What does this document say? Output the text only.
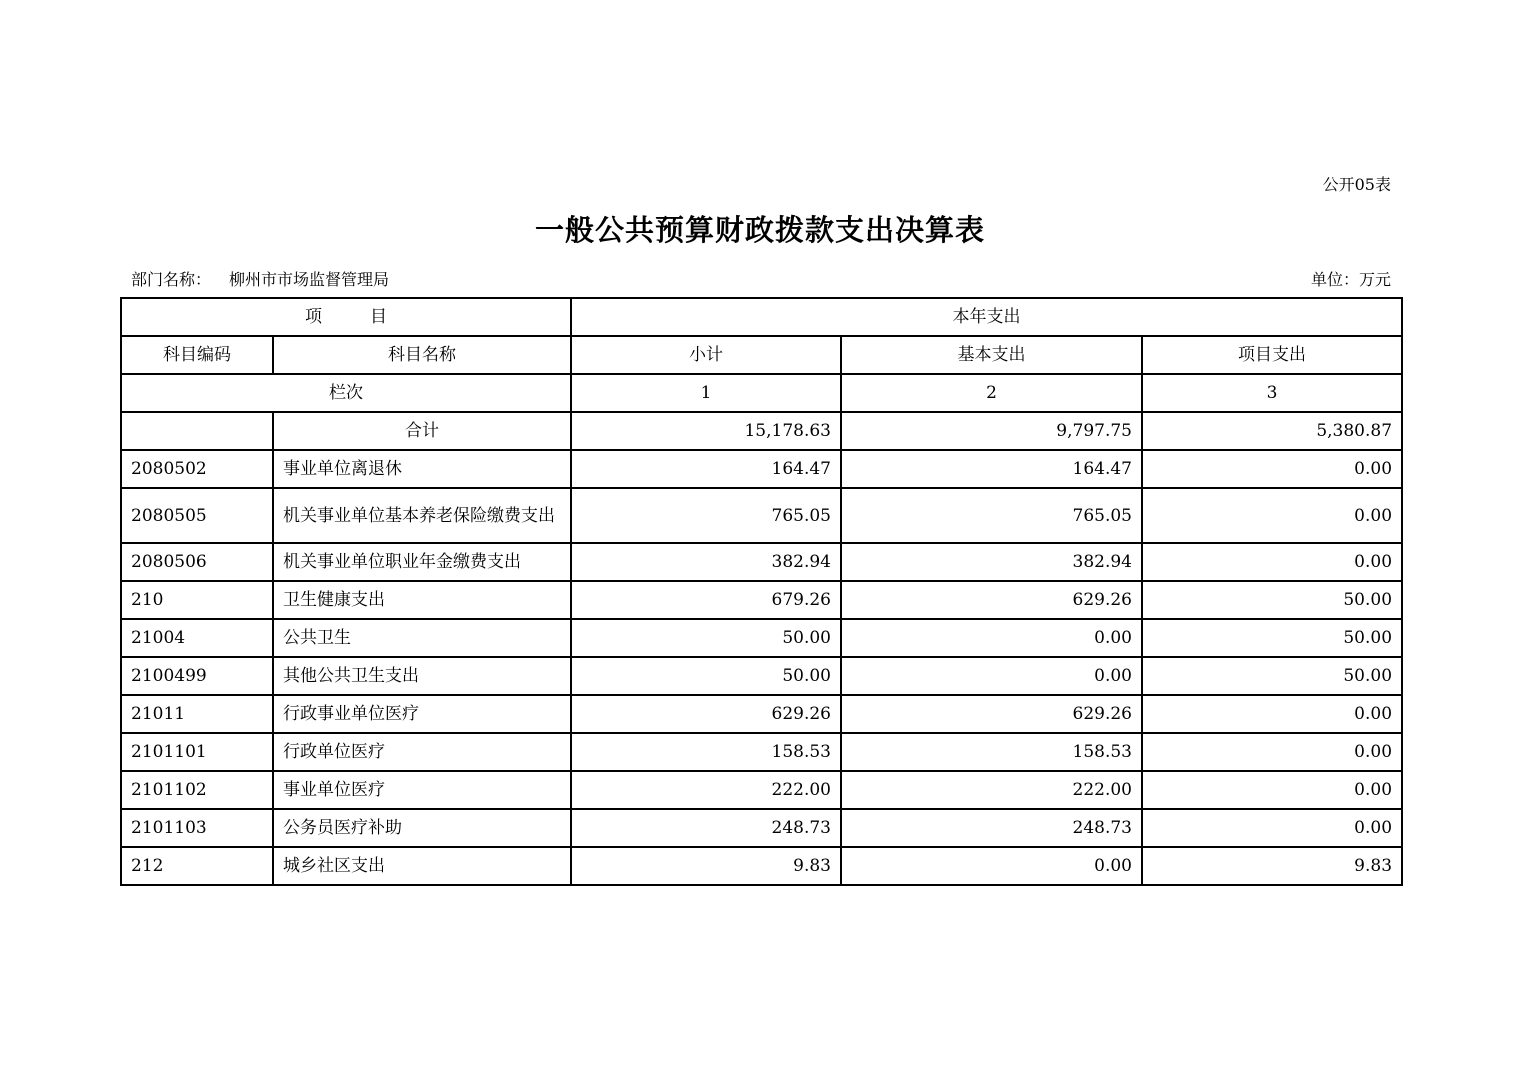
公开05表
一般公共预算财政拨款支出决算表
部门名称： 柳州市市场监督管理局	单位：万元
项 目		本年支出		
科目编码	科目名称	小计	基本支出	项目支出
栏次		1	2	3
	合计	15,178.63	9,797.75	5,380.87
2080502	事业单位离退休	164.47	164.47	0.00
2080505	机关事业单位基本养老保险缴费支出	765.05	765.05	0.00
2080506	机关事业单位职业年金缴费支出	382.94	382.94	0.00
210	卫生健康支出	679.26	629.26	50.00
21004	公共卫生	50.00	0.00	50.00
2100499	其他公共卫生支出	50.00	0.00	50.00
21011	行政事业单位医疗	629.26	629.26	0.00
2101101	行政单位医疗	158.53	158.53	0.00
2101102	事业单位医疗	222.00	222.00	0.00
2101103	公务员医疗补助	248.73	248.73	0.00
212	城乡社区支出	9.83	0.00	9.83
